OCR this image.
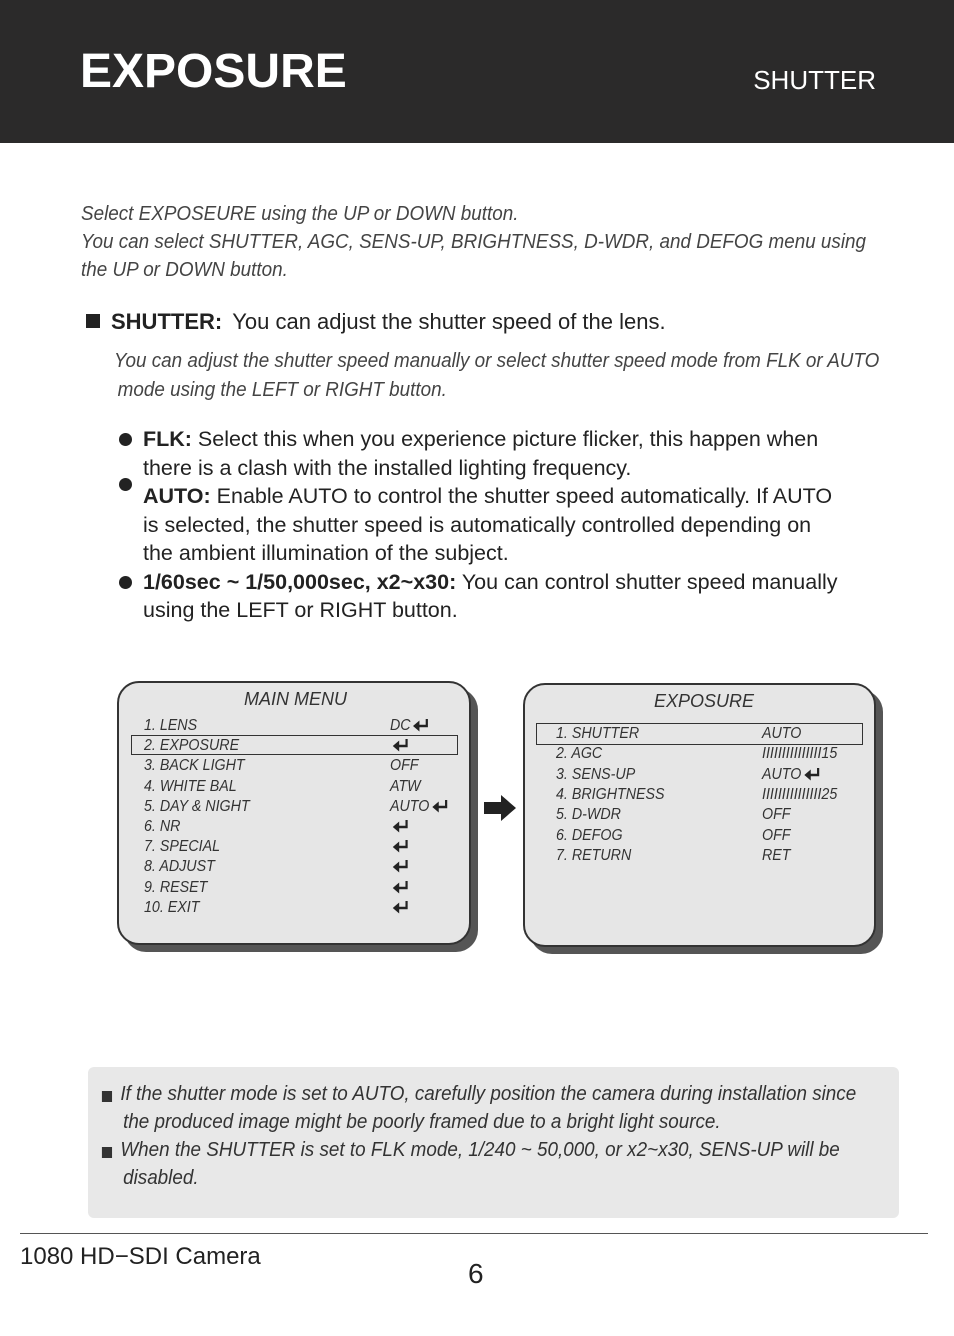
EXPOSURE	SHUTTER
Select EXPOSEURE using the UP or DOWN button.
You can select SHUTTER, AGC, SENS-UP, BRIGHTNESS, D-WDR, and DEFOG menu using
the UP or DOWN button.
SHUTTER: You can adjust the shutter speed of the lens.
You can adjust the shutter speed manually or select shutter speed mode from FLK or AUTO
mode using the LEFT or RIGHT button.
FLK: Select this when you experience picture flicker, this happen when
there is a clash with the installed lighting frequency.
AUTO: Enable AUTO to control the shutter speed automatically. If AUTO
is selected, the shutter speed is automatically controlled depending on
the ambient illumination of the subject.
1/60sec ~ 1/50,000sec, x2~x30: You can control shutter speed manually
using the LEFT or RIGHT button.
MAIN MENU
1. LENS	DC
2. EXPOSURE
3. BACK LIGHT	OFF
4. WHITE BAL	ATW
5. DAY & NIGHT	AUTO
6. NR
7. SPECIAL
8. ADJUST
9. RESET
10. EXIT
EXPOSURE
1. SHUTTER	AUTO
2. AGC	IIIIIIIIIIIIIII15
3. SENS-UP	AUTO
4. BRIGHTNESS	IIIIIIIIIIIIIII25
5. D-WDR	OFF
6. DEFOG	OFF
7. RETURN	RET
If the shutter mode is set to AUTO, carefully position the camera during installation since
the produced image might be poorly framed due to a bright light source.
When the SHUTTER is set to FLK mode, 1/240 ~ 50,000, or x2~x30, SENS-UP will be
disabled.
1080 HD−SDI Camera
6
